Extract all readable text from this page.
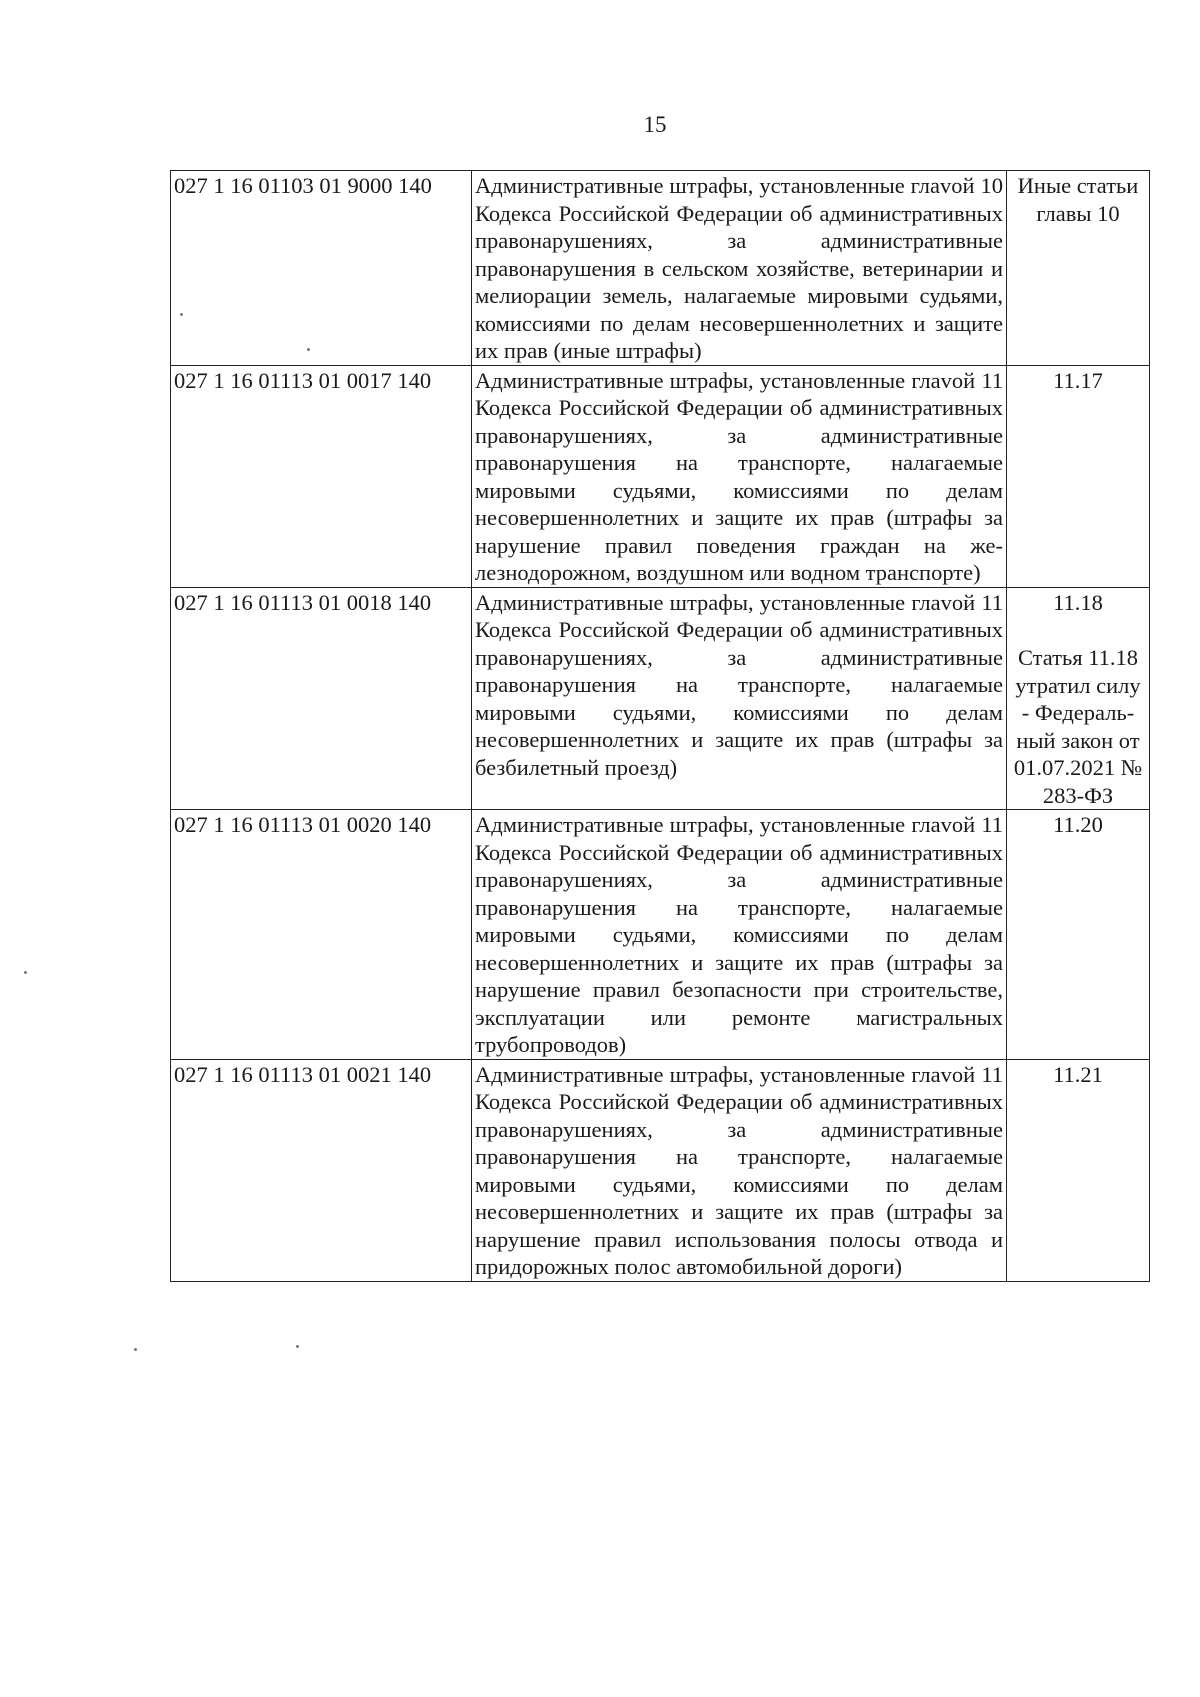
15
027 1 16 01103 01 9000 140	Административные штрафы, установленные глаvой 10 Кодекса Российской Федерации об административных правонарушениях, за административные правонарушения в сельском хозяйстве, ветеринарии и мелиорации земель, налагаемые мировыми судьями, комиссиями по делам несовершеннолетних и защите их прав (иные штрафы)	Иные статьи главы 10

027 1 16 01113 01 0017 140	Административные штрафы, установленные глаvой 11 Кодекса Российской Федерации об административных правонарушениях, за административные правонарушения на транспорте, налагаемые мировыми судьями, комиссиями по делам несовершеннолетних и защите их прав (штрафы за нарушение правил поведения граждан на железнодорожном, воздушном или водном транспорте)	11.17

027 1 16 01113 01 0018 140	Административные штрафы, установленные глаvой 11 Кодекса Российской Федерации об административных правонарушениях, за административные правонарушения на транспорте, налагаемые мировыми судьями, комиссиями по делам несовершеннолетних и защите их прав (штрафы за безбилетный проезд)	11.18
Статья 11.18 утратил силу - Федеральный закон от 01.07.2021 № 283-ФЗ

027 1 16 01113 01 0020 140	Административные штрафы, установленные глаvой 11 Кодекса Российской Федерации об административных правонарушениях, за административные правонарушения на транспорте, налагаемые мировыми судьями, комиссиями по делам несовершеннолетних и защите их прав (штрафы за нарушение правил безопасности при строительстве, эксплуатации или ремонте магистральных трубопроводов)	11.20

027 1 16 01113 01 0021 140	Административные штрафы, установленные глаvой 11 Кодекса Российской Федерации об административных правонарушениях, за административные правонарушения на транспорте, налагаемые мировыми судьями, комиссиями по делам несовершеннолетних и защите их прав (штрафы за нарушение правил использования полосы отвода и придорожных полос автомобильной дороги)	11.21
